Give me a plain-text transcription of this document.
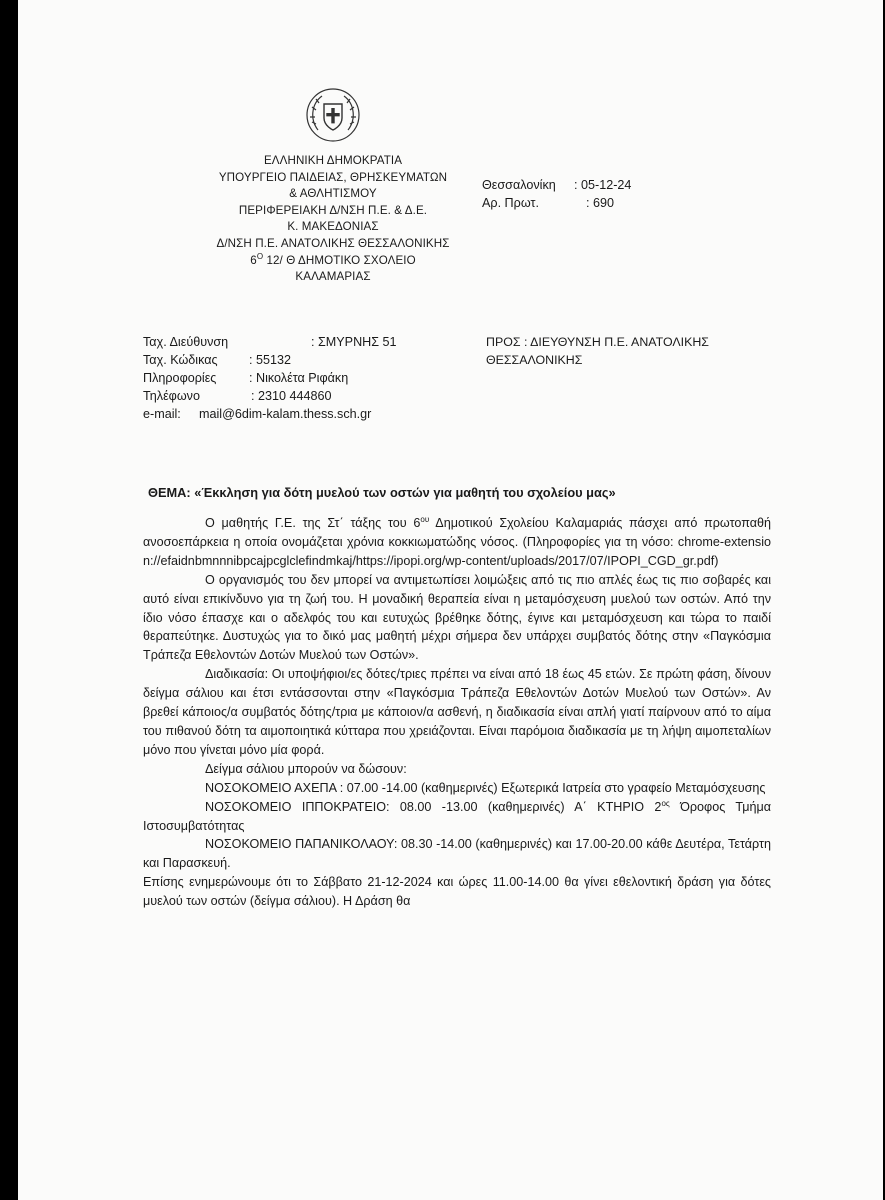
ΕΛΛΗΝΙΚΗ ΔΗΜΟΚΡΑΤΙΑ
ΥΠΟΥΡΓΕΙΟ ΠΑΙΔΕΙΑΣ, ΘΡΗΣΚΕΥΜΑΤΩΝ
& ΑΘΛΗΤΙΣΜΟΥ
ΠΕΡΙΦΕΡΕΙΑΚΗ Δ/ΝΣΗ Π.Ε. & Δ.Ε.
Κ. ΜΑΚΕΔΟΝΙΑΣ
Δ/ΝΣΗ Π.Ε. ΑΝΑΤΟΛΙΚΗΣ ΘΕΣΣΑΛΟΝΙΚΗΣ
$6^O$ 12/ Θ ΔΗΜΟΤΙΚΟ ΣΧΟΛΕΙΟ
ΚΑΛΑΜΑΡΙΑΣ
Θεσσαλονίκη : 05-12-24
Αρ. Πρωτ.	: 690
Ταχ. Διεύθυνση	: ΣΜΥΡΝΗΣ 51
Ταχ. Κώδικας : 55132
Πληροφορίες	: Νικολέτα Ριφάκη
Τηλέφωνο	: 2310 444860
e-mail: mail@6dim-kalam.thess.sch.gr
ΠΡΟΣ : ΔΙΕΥΘΥΝΣΗ Π.Ε. ΑΝΑΤΟΛΙΚΗΣ
ΘΕΣΣΑΛΟΝΙΚΗΣ
ΘΕΜΑ: «Έκκληση για δότη μυελού των οστών για μαθητή του σχολείου μας»

Ο μαθητής Γ.Ε. της Στ΄ τάξης του $6^{o\upsilon}$ Δημοτικού Σχολείου Καλαμαριάς πάσχει από πρωτοπαθή ανοσοεπάρκεια η οποία ονομάζεται χρόνια κοκκιωματώδης νόσος. (Πληροφορίες για τη νόσο: chrome-extension://efaidnbmnnnibpcajpcglclefindmkaj/https://ipopi.org/wp-content/uploads/2017/07/IPOPI_CGD_gr.pdf)

Ο οργανισμός του δεν μπορεί να αντιμετωπίσει λοιμώξεις από τις πιο απλές έως τις πιο σοβαρές και αυτό είναι επικίνδυνο για τη ζωή του. Η μοναδική θεραπεία είναι η μεταμόσχευση μυελού των οστών. Από την ίδιο νόσο έπασχε και ο αδελφός του και ευτυχώς βρέθηκε δότης, έγινε και μεταμόσχευση και τώρα το παιδί θεραπεύτηκε. Δυστυχώς για το δικό μας μαθητή μέχρι σήμερα δεν υπάρχει συμβατός δότης στην «Παγκόσμια Τράπεζα Εθελοντών Δοτών Μυελού των Οστών».

Διαδικασία: Οι υποψήφιοι/ες δότες/τριες πρέπει να είναι από 18 έως 45 ετών. Σε πρώτη φάση, δίνουν δείγμα σάλιου και έτσι εντάσσονται στην «Παγκόσμια Τράπεζα Εθελοντών Δοτών Μυελού των Οστών». Αν βρεθεί κάποιος/α συμβατός δότης/τρια με κάποιον/α ασθενή, η διαδικασία είναι απλή γιατί παίρνουν από το αίμα του πιθανού δότη τα αιμοποιητικά κύτταρα που χρειάζονται. Είναι παρόμοια διαδικασία με τη λήψη αιμοπεταλίων μόνο που γίνεται μόνο μία φορά.

Δείγμα σάλιου μπορούν να δώσουν:

ΝΟΣΟΚΟΜΕΙΟ ΑΧΕΠΑ : 07.00 -14.00 (καθημερινές) Εξωτερικά Ιατρεία στο γραφείο Μεταμόσχευσης

ΝΟΣΟΚΟΜΕΙΟ ΙΠΠΟΚΡΑΤΕΙΟ: 08.00 -13.00 (καθημερινές) Α΄ ΚΤΗΡΙΟ $2^{o\varsigma}$ Όροφος Τμήμα Ιστοσυμβατότητας

ΝΟΣΟΚΟΜΕΙΟ ΠΑΠΑΝΙΚΟΛΑΟΥ: 08.30 -14.00 (καθημερινές) και 17.00-20.00 κάθε Δευτέρα, Τετάρτη και Παρασκευή.

Επίσης ενημερώνουμε ότι το Σάββατο 21-12-2024 και ώρες 11.00-14.00 θα γίνει εθελοντική δράση για δότες μυελού των οστών (δείγμα σάλιου). Η Δράση θα
